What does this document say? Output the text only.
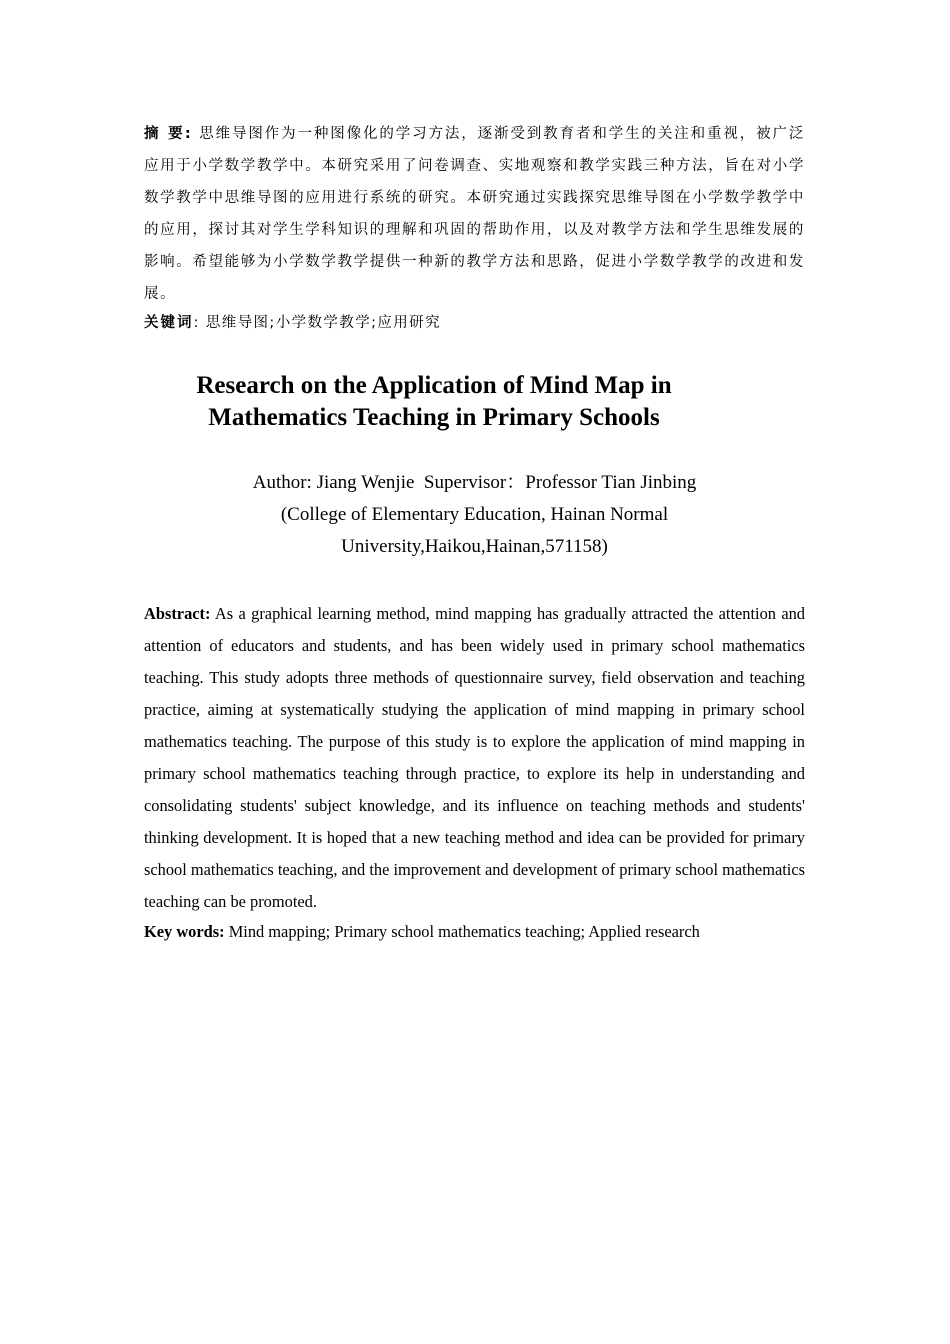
摘 要: 思维导图作为一种图像化的学习方法，逐渐受到教育者和学生的关注和重视，被广泛应用于小学数学教学中。本研究采用了问卷调查、实地观察和教学实践三种方法，旨在对小学数学教学中思维导图的应用进行系统的研究。本研究通过实践探究思维导图在小学数学教学中的应用，探讨其对学生学科知识的理解和巩固的帮助作用，以及对教学方法和学生思维发展的影响。希望能够为小学数学教学提供一种新的教学方法和思路，促进小学数学教学的改进和发展。

关键词: 思维导图;小学数学教学;应用研究

Research on the Application of Mind Map in
Mathematics Teaching in Primary Schools
Author: Jiang Wenjie  Supervisor：Professor Tian Jinbing
(College of Elementary Education, Hainan Normal
University,Haikou,Hainan,571158)

Abstract: As a graphical learning method, mind mapping has gradually attracted the attention and attention of educators and students, and has been widely used in primary school mathematics teaching. This study adopts three methods of questionnaire survey, field observation and teaching practice, aiming at systematically studying the application of mind mapping in primary school mathematics teaching. The purpose of this study is to explore the application of mind mapping in primary school mathematics teaching through practice, to explore its help in understanding and consolidating students' subject knowledge, and its influence on teaching methods and students' thinking development. It is hoped that a new teaching method and idea can be provided for primary school mathematics teaching, and the improvement and development of primary school mathematics teaching can be promoted.

Key words: Mind mapping; Primary school mathematics teaching; Applied research
